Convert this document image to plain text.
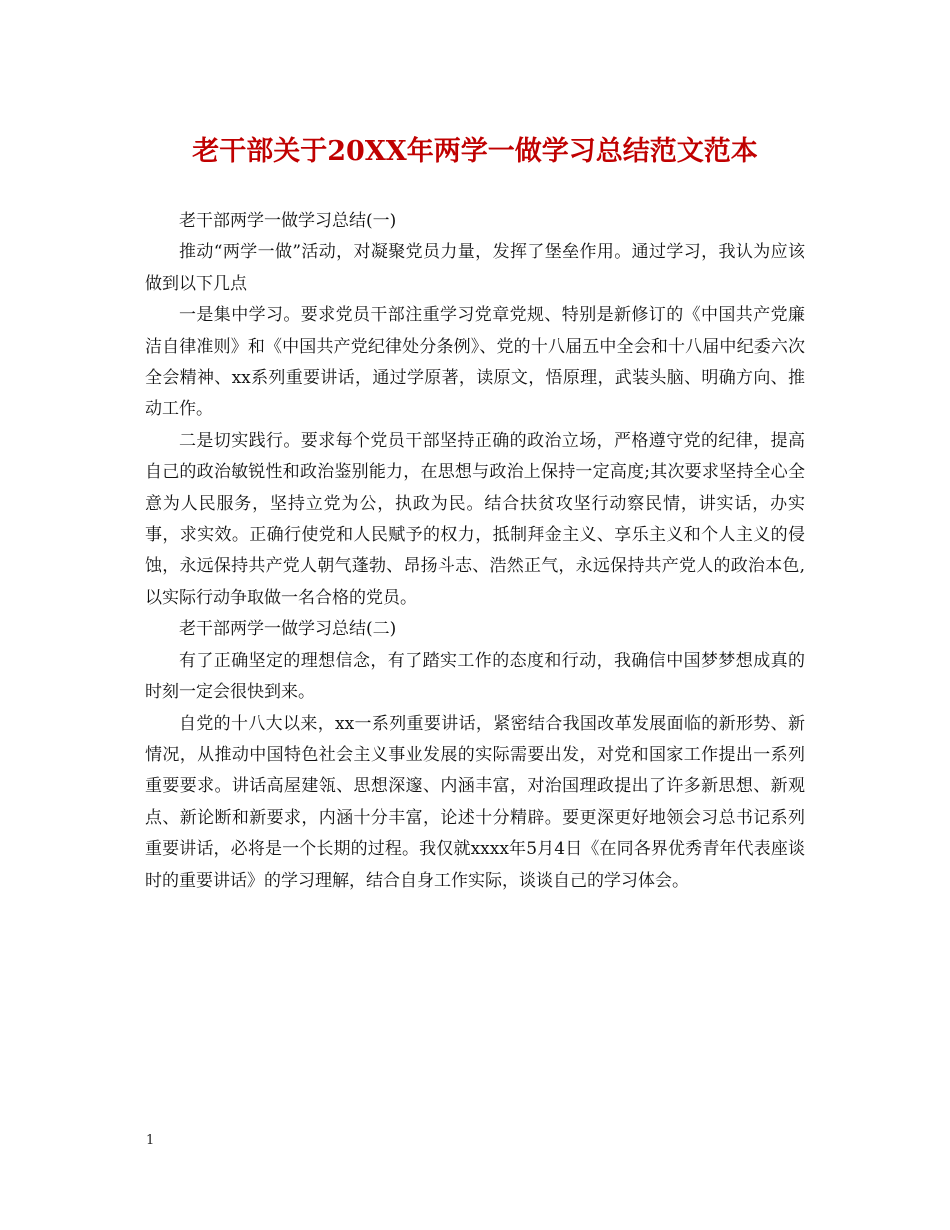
老干部关于20XX年两学一做学习总结范文范本

老干部两学一做学习总结(一)

推动“两学一做”活动，对凝聚党员力量，发挥了堡垒作用。通过学习，我认为应该做到以下几点

一是集中学习。要求党员干部注重学习党章党规、特别是新修订的《中国共产党廉洁自律准则》和《中国共产党纪律处分条例》、党的十八届五中全会和十八届中纪委六次全会精神、xx系列重要讲话，通过学原著，读原文，悟原理，武装头脑、明确方向、推动工作。

二是切实践行。要求每个党员干部坚持正确的政治立场，严格遵守党的纪律，提高自己的政治敏锐性和政治鉴别能力，在思想与政治上保持一定高度;其次要求坚持全心全意为人民服务，坚持立党为公，执政为民。结合扶贫攻坚行动察民情，讲实话，办实事，求实效。正确行使党和人民赋予的权力，抵制拜金主义、享乐主义和个人主义的侵蚀，永远保持共产党人朝气蓬勃、昂扬斗志、浩然正气，永远保持共产党人的政治本色,以实际行动争取做一名合格的党员。

老干部两学一做学习总结(二)

有了正确坚定的理想信念，有了踏实工作的态度和行动，我确信中国梦梦想成真的时刻一定会很快到来。

自党的十八大以来，xx一系列重要讲话，紧密结合我国改革发展面临的新形势、新情况，从推动中国特色社会主义事业发展的实际需要出发，对党和国家工作提出一系列重要要求。讲话高屋建瓴、思想深邃、内涵丰富，对治国理政提出了许多新思想、新观点、新论断和新要求，内涵十分丰富，论述十分精辟。要更深更好地领会习总书记系列重要讲话，必将是一个长期的过程。我仅就xxxx年5月4日《在同各界优秀青年代表座谈时的重要讲话》的学习理解，结合自身工作实际，谈谈自己的学习体会。

1
